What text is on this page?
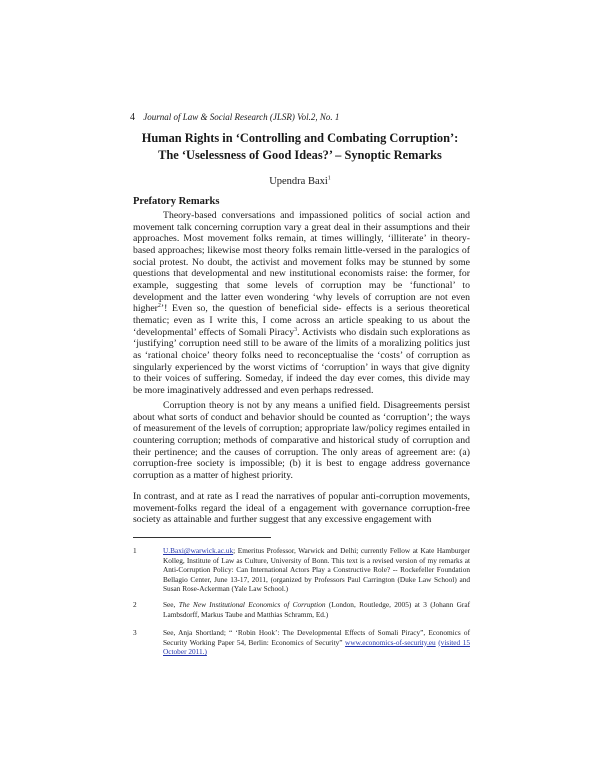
4 Journal of Law & Social Research (JLSR) Vol.2, No. 1
Human Rights in ‘Controlling and Combating Corruption’:
The ‘Uselessness of Good Ideas?’ – Synoptic Remarks
Upendra Baxi$^1$
Prefatory Remarks
Theory-based conversations and impassioned politics of social action and movement talk concerning corruption vary a great deal in their assumptions and their approaches. Most movement folks remain, at times willingly, ‘illiterate’ in theory-based approaches; likewise most theory folks remain little-versed in the paralogics of social protest. No doubt, the activist and movement folks may be stunned by some questions that developmental and new institutional economists raise: the former, for example, suggesting that some levels of corruption may be ‘functional’ to development and the latter even wondering ‘why levels of corruption are not even higher$^2$’! Even so, the question of beneficial side- effects is a serious theoretical thematic; even as I write this, I come across an article speaking to us about the ‘developmental’ effects of Somali Piracy$^3$. Activists who disdain such explorations as ‘justifying’ corruption need still to be aware of the limits of a moralizing politics just as ‘rational choice’ theory folks need to reconceptualise the ‘costs’ of corruption as singularly experienced by the worst victims of ‘corruption’ in ways that give dignity to their voices of suffering. Someday, if indeed the day ever comes, this divide may be more imaginatively addressed and even perhaps redressed.
Corruption theory is not by any means a unified field. Disagreements persist about what sorts of conduct and behavior should be counted as ‘corruption’; the ways of measurement of the levels of corruption; appropriate law/policy regimes entailed in countering corruption; methods of comparative and historical study of corruption and their pertinence; and the causes of corruption. The only areas of agreement are: (a) corruption-free society is impossible; (b) it is best to engage address governance corruption as a matter of highest priority.
In contrast, and at rate as I read the narratives of popular anti-corruption movements, movement-folks regard the ideal of a engagement with governance corruption-free society as attainable and further suggest that any excessive engagement with
1	U.Baxi@warwick.ac.uk; Emeritus Professor, Warwick and Delhi; currently Fellow at Kate Hamburger Kolleg, Institute of Law as Culture, University of Bonn. This text is a revised version of my remarks at Anti-Corruption Policy: Can International Actors Play a Constructive Role? -- Rockefeller Foundation Bellagio Center, June 13-17, 2011, (organized by Professors Paul Carrington (Duke Law School) and Susan Rose-Ackerman (Yale Law School.)
2	See, The New Institutional Economics of Corruption (London, Routledge, 2005) at 3 (Johann Graf Lambsdorff, Markus Taube and Matthias Schramm, Ed.)
3	See, Anja Shortland; “ ‘Robin Hook’: The Developmental Effects of Somali Piracy”, Economics of Security Working Paper 54, Berlin: Economics of Security” www.economics-of-security.eu (visited 15 October 2011.)
